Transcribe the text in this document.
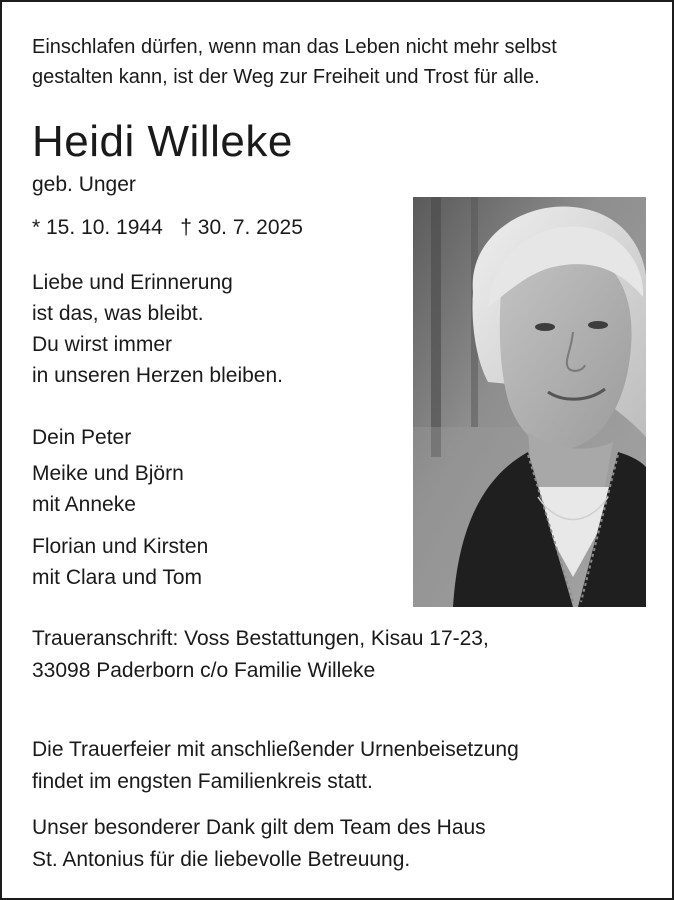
Einschlafen dürfen, wenn man das Leben nicht mehr selbst
gestalten kann, ist der Weg zur Freiheit und Trost für alle.
Heidi Willeke
geb. Unger
* 15. 10. 1944   † 30. 7. 2025
Liebe und Erinnerung
ist das, was bleibt.
Du wirst immer
in unseren Herzen bleiben.
Dein Peter
Meike und Björn
mit Anneke
Florian und Kirsten
mit Clara und Tom
Traueranschrift: Voss Bestattungen, Kisau 17-23,
33098 Paderborn c/o Familie Willeke
Die Trauerfeier mit anschließender Urnenbeisetzung
findet im engsten Familienkreis statt.
Unser besonderer Dank gilt dem Team des Haus
St. Antonius für die liebevolle Betreuung.
